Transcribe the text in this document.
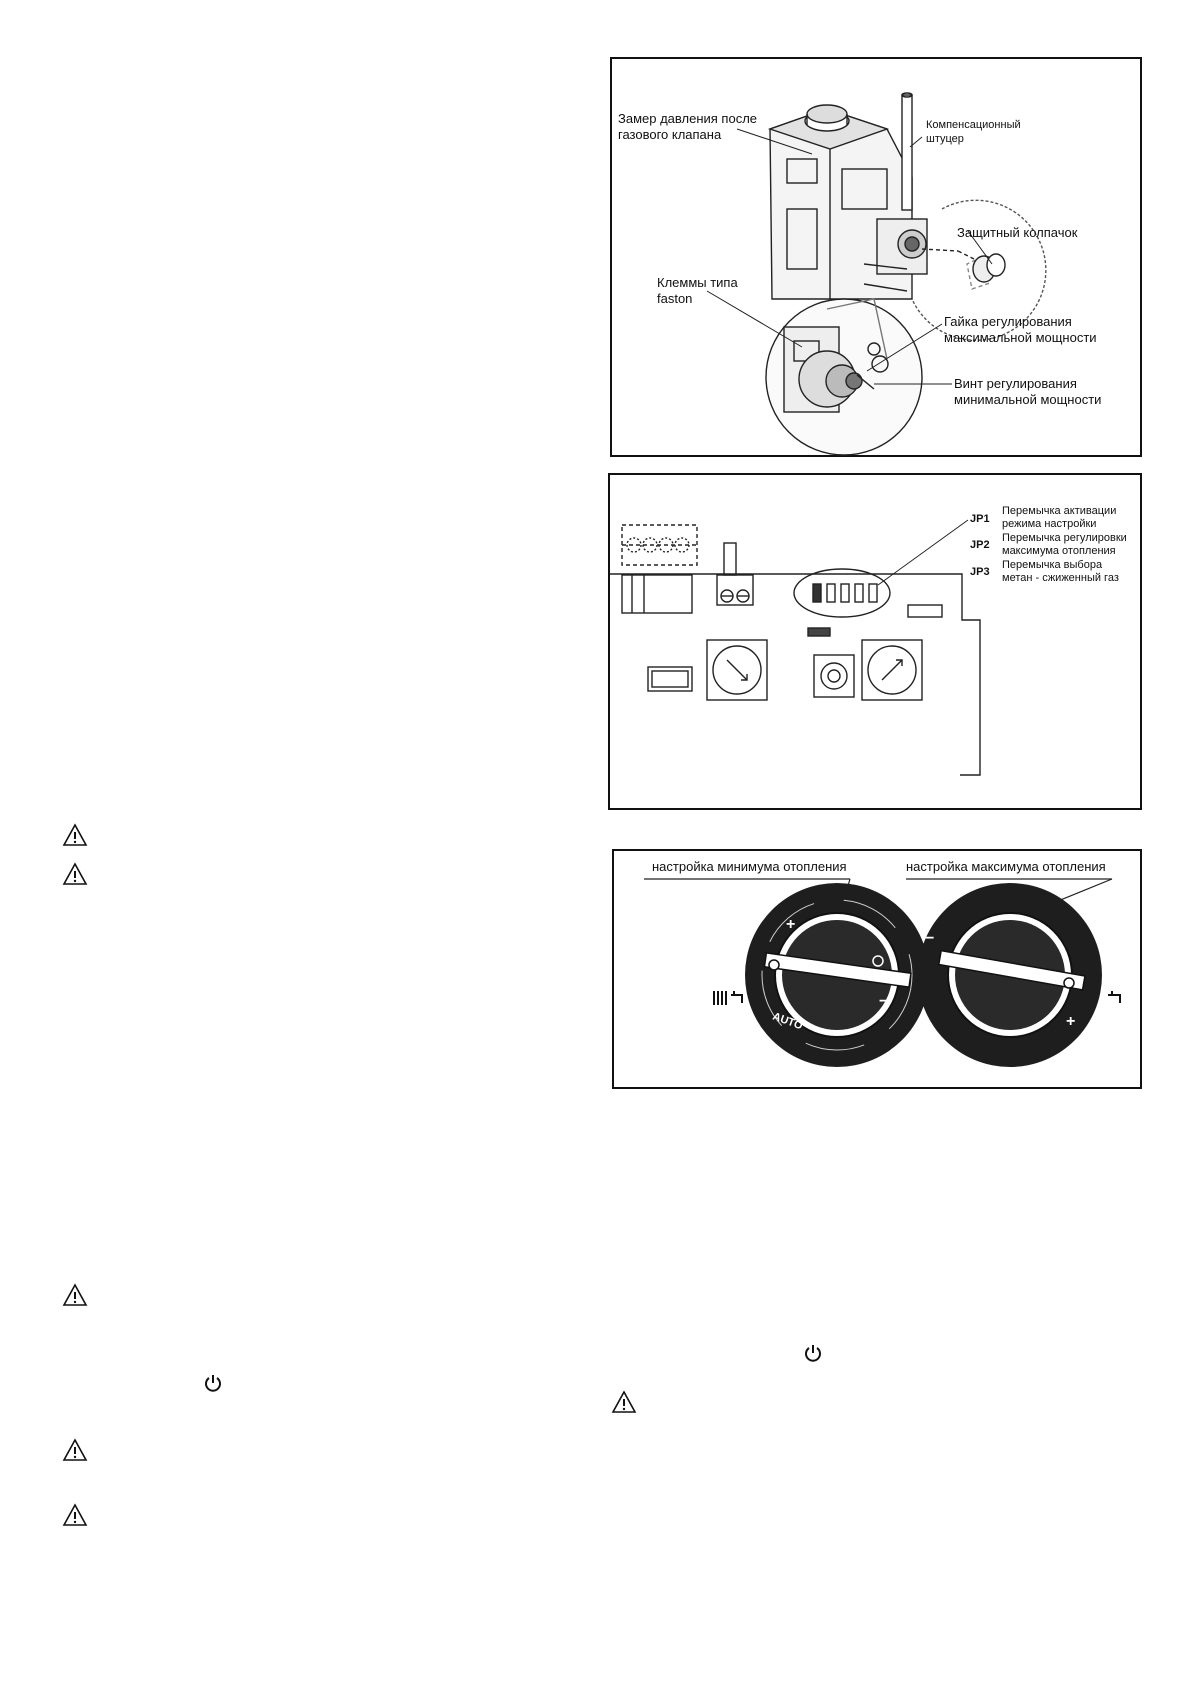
Замер давления после
газового клапана
Компенсационный
штуцер
Защитный колпачок
Клеммы типа
faston
Гайка регулирования
максимальной мощности
Винт регулирования
минимальной мощности
JP1
Перемычка активации
режима настройки
JP2
Перемычка регулировки
максимума отопления
JP3
Перемычка выбора
метан - сжиженный газ
+
−
AUTO
−
+
настройка минимума отопления	настройка максимума отопления
